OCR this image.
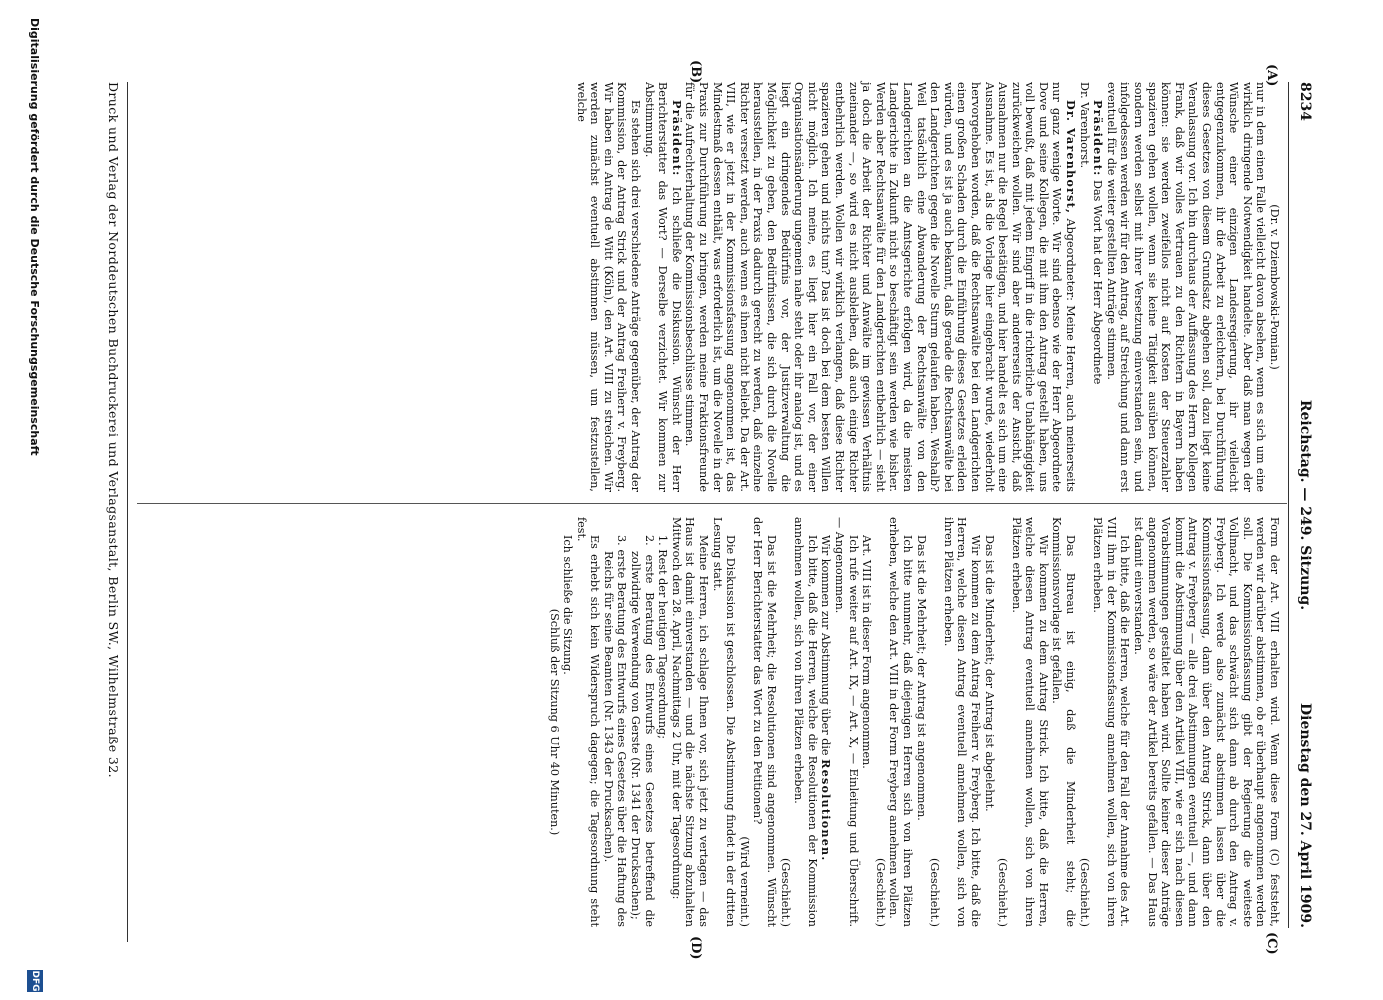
8234
Reichstag. — 249. Sitzung.
Dienstag den 27. April 1909.
(A)
(B)
(C)
(D)

(Dr. v. Dziembowski-Pomian.)

nur in dem einen Falle vielleicht davon absehen, wenn es sich um eine wirklich dringende Notwendigkeit handelte. Aber daß man wegen der Wünsche einer einzigen Landesregierung, ihr vielleicht entgegenzukommen, ihr die Arbeit zu erleichtern, bei Durchführung dieses Gesetzes von diesem Grundsatz abgehen soll, dazu liegt keine Veranlassung vor. Ich bin durchaus der Auffassung des Herrn Kollegen Frank, daß wir volles Vertrauen zu den Richtern in Bayern haben können: sie werden zweifellos nicht auf Kosten der Steuerzahler spazieren gehen wollen, wenn sie keine Tätigkeit ausüben können, sondern werden selbst mit ihrer Versetzung einverstanden sein, und infolgedessen werden wir für den Antrag, auf Streichung und dann erst eventuell für die weiter gestellten Anträge stimmen.

Präsident: Das Wort hat der Herr Abgeordnete

Dr. Varenhorst.

Dr. Varenhorst, Abgeordneter: Meine Herren, auch meinerseits nur ganz wenige Worte. Wir sind ebenso wie der Herr Abgeordnete Dove und seine Kollegen, die mit ihm den Antrag gestellt haben, uns voll bewußt, daß mit jedem Eingriff in die richterliche Unabhängigkeit zurückweichen wollen. Wir sind aber andererseits der Ansicht, daß Ausnahmen nur die Regel bestätigen, und hier handelt es sich um eine Ausnahme. Es ist, als die Vorlage hier eingebracht wurde, wiederholt hervorgehoben worden, daß die Rechtsanwälte bei den Landgerichten einen großen Schaden durch die Einführung dieses Gesetzes erleiden würden, und es ist ja auch bekannt, daß gerade die Rechtsanwälte bei den Landgerichten gegen die Novelle Sturm gelaufen haben. Weshalb? Weil tatsächlich eine Abwanderung der Rechtsanwälte von den Landgerichten an die Amtsgerichte erfolgen wird, da die meisten Landgerichte in Zukunft nicht so beschäftigt sein werden wie bisher. Werden aber Rechtsanwälte für den Landgerichten entbehrlich — sieht ja doch die Arbeit der Richter und Anwälte im gewissen Verhältnis zueinander —, so wird es nicht ausbleiben, daß auch einige Richter entbehrlich werden. Wollen wir wirklich verlangen, daß diese Richter spazieren gehen und nichts tun? Das ist doch bei dem besten Willen nicht möglich. Ich meine, es liegt hier ein Fall vor, der einer Organisationsänderung ungemein nahe steht oder ihr analog ist, und es liegt ein dringendes Bedürfnis vor, der Justizverwaltung die Möglichkeit zu geben, den Bedürfnissen, die sich durch die Novelle herausstellen, in der Praxis dadurch gerecht zu werden, daß einzelne Richter versetzt werden, auch wenn es ihnen nicht beliebt. Da der Art. VIII, wie er jetzt in der Kommissionsfassung angenommen ist, das Mindestmaß dessen enthält, was erforderlich ist, um die Novelle in der Praxis zur Durchführung zu bringen, werden meine Fraktionsfreunde für die Aufrechterhaltung der Kommissionsbeschlüsse stimmen.

Präsident: Ich schließe die Diskussion. Wünscht der Herr Berichterstatter das Wort? — Derselbe verzichtet. Wir kommen zur Abstimmung.

Es stehen sich drei verschiedene Anträge gegenüber, der Antrag der Kommission, der Antrag Strick und der Antrag Freiherr v. Freyberg. Wir haben ein Antrag de Witt (Köln), den Art. VIII zu streichen. Wir werden zunächst eventuell abstimmen müssen, um festzustellen, welche

Form der Art. VIII erhalten wird. Wenn diese Form (C) feststeht, werden wir darüber abstimmen, ob er überhaupt angenommen werden soll. Die Kommissionsfassung gibt der Regierung die weiteste Vollmacht, und das schwächt sich dann ab durch den Antrag v. Freyberg. Ich werde also zunächst abstimmen lassen über die Kommissionsfassung, dann über den Antrag Strick, dann über den Antrag v. Freyberg — alle drei Abstimmungen eventuell —, und dann kommt die Abstimmung über den Artikel VIII, wie er sich nach diesen Vorabstimmungen gestaltet haben wird. Sollte keiner dieser Anträge angenommen werden, so wäre der Artikel bereits gefallen. — Das Haus ist damit einverstanden.

Ich bitte, daß die Herren, welche für den Fall der Annahme des Art. VIII ihm in der Kommissionsfassung annehmen wollen, sich von ihren Plätzen erheben.

(Geschieht.)

Das Bureau ist einig, daß die Minderheit steht; die Kommissionsvorlage ist gefallen.

Wir kommen zu dem Antrag Strick. Ich bitte, daß die Herren, welche diesen Antrag eventuell annehmen wollen, sich von ihren Plätzen erheben.

(Geschieht.)

Das ist die Minderheit; der Antrag ist abgelehnt.

Wir kommen zu dem Antrag Freiherr v. Freyberg. Ich bitte, daß die Herren, welche diesen Antrag eventuell annehmen wollen, sich von ihren Plätzen erheben.

(Geschieht.)

Das ist die Mehrheit; der Antrag ist angenommen.

Ich bitte nunmehr, daß diejenigen Herren sich von ihren Plätzen erheben, welche den Art. VIII in der Form Freyberg annehmen wollen.

(Geschieht.)

Art. VIII ist in dieser Form angenommen.

Ich rufe weiter auf Art. IX, — Art. X, — Einleitung und Überschrift. — Angenommen.

Wir kommen zur Abstimmung über die Resolutionen.

Ich bitte, daß die Herren, welche die Resolutionen der Kommission annehmen wollen, sich von ihren Plätzen erheben.

(Geschieht.)

Das ist die Mehrheit; die Resolutionen sind angenommen. Wünscht der Herr Berichterstatter das Wort zu den Petitionen?

(Wird verneint.)

Die Diskussion ist geschlossen. Die Abstimmung findet in der dritten Lesung statt.

Meine Herren, ich schlage Ihnen vor, sich jetzt zu vertagen — das Haus ist damit einverstanden — und die nächste Sitzung abzuhalten Mittwoch den 28. April, Nachmittags 2 Uhr, mit der Tagesordnung:

1. Rest der heutigen Tagesordnung;
2. erste Beratung des Entwurfs eines Gesetzes betreffend die zollwidrige Verwendung von Gerste (Nr. 1341 der Drucksachen);
3. erste Beratung des Entwurfs eines Gesetzes über die Haftung des Reichs für seine Beamten (Nr. 1343 der Drucksachen).

Es erhebt sich kein Widerspruch dagegen; die Tagesordnung steht fest.

Ich schließe die Sitzung.

(Schluß der Sitzung 6 Uhr 40 Minuten.)

Druck und Verlag der Norddeutschen Buchdruckerei und Verlagsanstalt, Berlin SW., Wilhelmstraße 32.
Digitalisierung gefördert durch die Deutsche Forschungsgemeinschaft
DFG
